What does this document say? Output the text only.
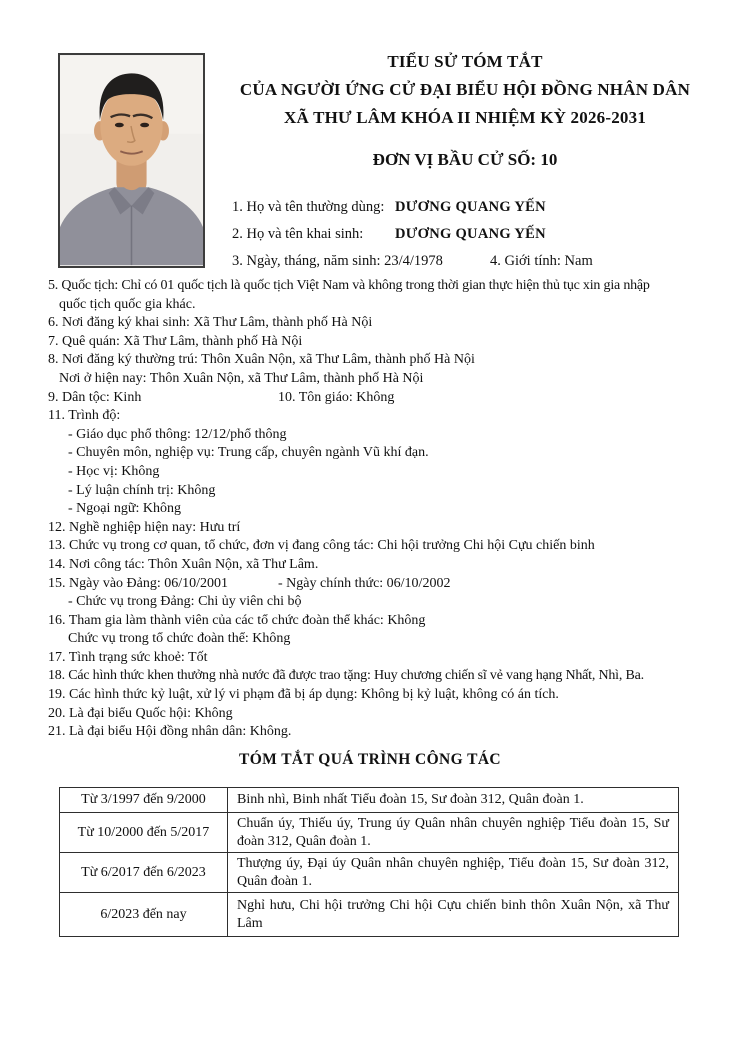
TIỂU SỬ TÓM TẮT
CỦA NGƯỜI ỨNG CỬ ĐẠI BIỂU HỘI ĐỒNG NHÂN DÂN
XÃ THƯ LÂM KHÓA II NHIỆM KỲ 2026-2031
ĐƠN VỊ BẦU CỬ SỐ: 10
1. Họ và tên thường dùng: DƯƠNG QUANG YẾN
2. Họ và tên khai sinh: DƯƠNG QUANG YẾN
3. Ngày, tháng, năm sinh: 23/4/1978	4. Giới tính: Nam
5. Quốc tịch: Chỉ có 01 quốc tịch là quốc tịch Việt Nam và không trong thời gian thực hiện thủ tục xin gia nhập
quốc tịch quốc gia khác.
6. Nơi đăng ký khai sinh: Xã Thư Lâm, thành phố Hà Nội
7. Quê quán: Xã Thư Lâm, thành phố Hà Nội
8. Nơi đăng ký thường trú: Thôn Xuân Nộn, xã Thư Lâm, thành phố Hà Nội
Nơi ở hiện nay: Thôn Xuân Nộn, xã Thư Lâm, thành phố Hà Nội
9. Dân tộc: Kinh	10. Tôn giáo: Không
11. Trình độ:
- Giáo dục phổ thông: 12/12/phổ thông
- Chuyên môn, nghiệp vụ: Trung cấp, chuyên ngành Vũ khí đạn.
- Học vị: Không
- Lý luận chính trị: Không
- Ngoại ngữ: Không
12. Nghề nghiệp hiện nay: Hưu trí
13. Chức vụ trong cơ quan, tổ chức, đơn vị đang công tác: Chi hội trưởng Chi hội Cựu chiến binh
14. Nơi công tác: Thôn Xuân Nộn, xã Thư Lâm.
15. Ngày vào Đảng: 06/10/2001	- Ngày chính thức: 06/10/2002
- Chức vụ trong Đảng: Chi ủy viên chi bộ
16. Tham gia làm thành viên của các tổ chức đoàn thể khác: Không
Chức vụ trong tổ chức đoàn thể: Không
17. Tình trạng sức khoẻ: Tốt
18. Các hình thức khen thưởng nhà nước đã được trao tặng: Huy chương chiến sĩ vẻ vang hạng Nhất, Nhì, Ba.
19. Các hình thức kỷ luật, xử lý vi phạm đã bị áp dụng: Không bị kỷ luật, không có án tích.
20. Là đại biểu Quốc hội: Không
21. Là đại biểu Hội đồng nhân dân: Không.
TÓM TẮT QUÁ TRÌNH CÔNG TÁC
Từ 3/1997 đến 9/2000	Binh nhì, Binh nhất Tiểu đoàn 15, Sư đoàn 312, Quân đoàn 1.
Từ 10/2000 đến 5/2017	Chuẩn úy, Thiếu úy, Trung úy Quân nhân chuyên nghiệp Tiểu đoàn 15, Sư đoàn 312, Quân đoàn 1.
Từ 6/2017 đến 6/2023	Thượng úy, Đại úy Quân nhân chuyên nghiệp, Tiểu đoàn 15, Sư đoàn 312, Quân đoàn 1.
6/2023 đến nay	Nghỉ hưu, Chi hội trưởng Chi hội Cựu chiến binh thôn Xuân Nộn, xã Thư Lâm
